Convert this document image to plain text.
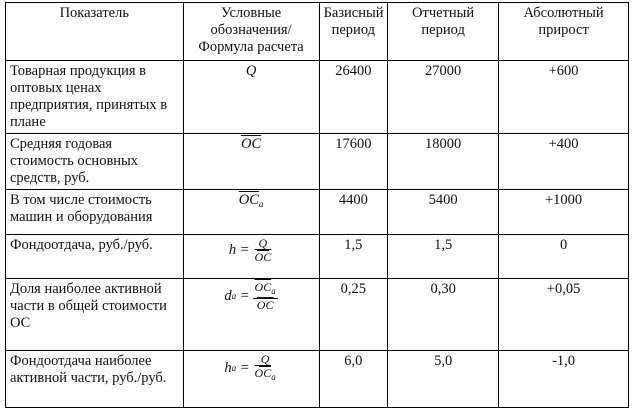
Показатель	Условные обозначения/ Формула расчета	Базисный период	Отчетный период	Абсолютный прирост
Товарная продукция в оптовых ценах предприятия, принятых в плане	Q	26400	27000	+600
Средняя годовая стоимость основных средств, руб.	$\overline{OC}$	17600	18000	+400
В том числе стоимость машин и оборудования	$\overline{OC}_a$	4400	5400	+1000
Фондоотдача, руб./руб.	$h = \frac{Q}{OC}$	1,5	1,5	0
Доля наиболее активной части в общей стоимости ОС	d $a = \frac{\overline{OC}_a}{OC}$	0,25	0,30	+0,05
Фондоотдача наиболее активной части, руб./руб.	h $a = \frac{Q}{\overline{OC}_a}$	6,0	5,0	-1,0
